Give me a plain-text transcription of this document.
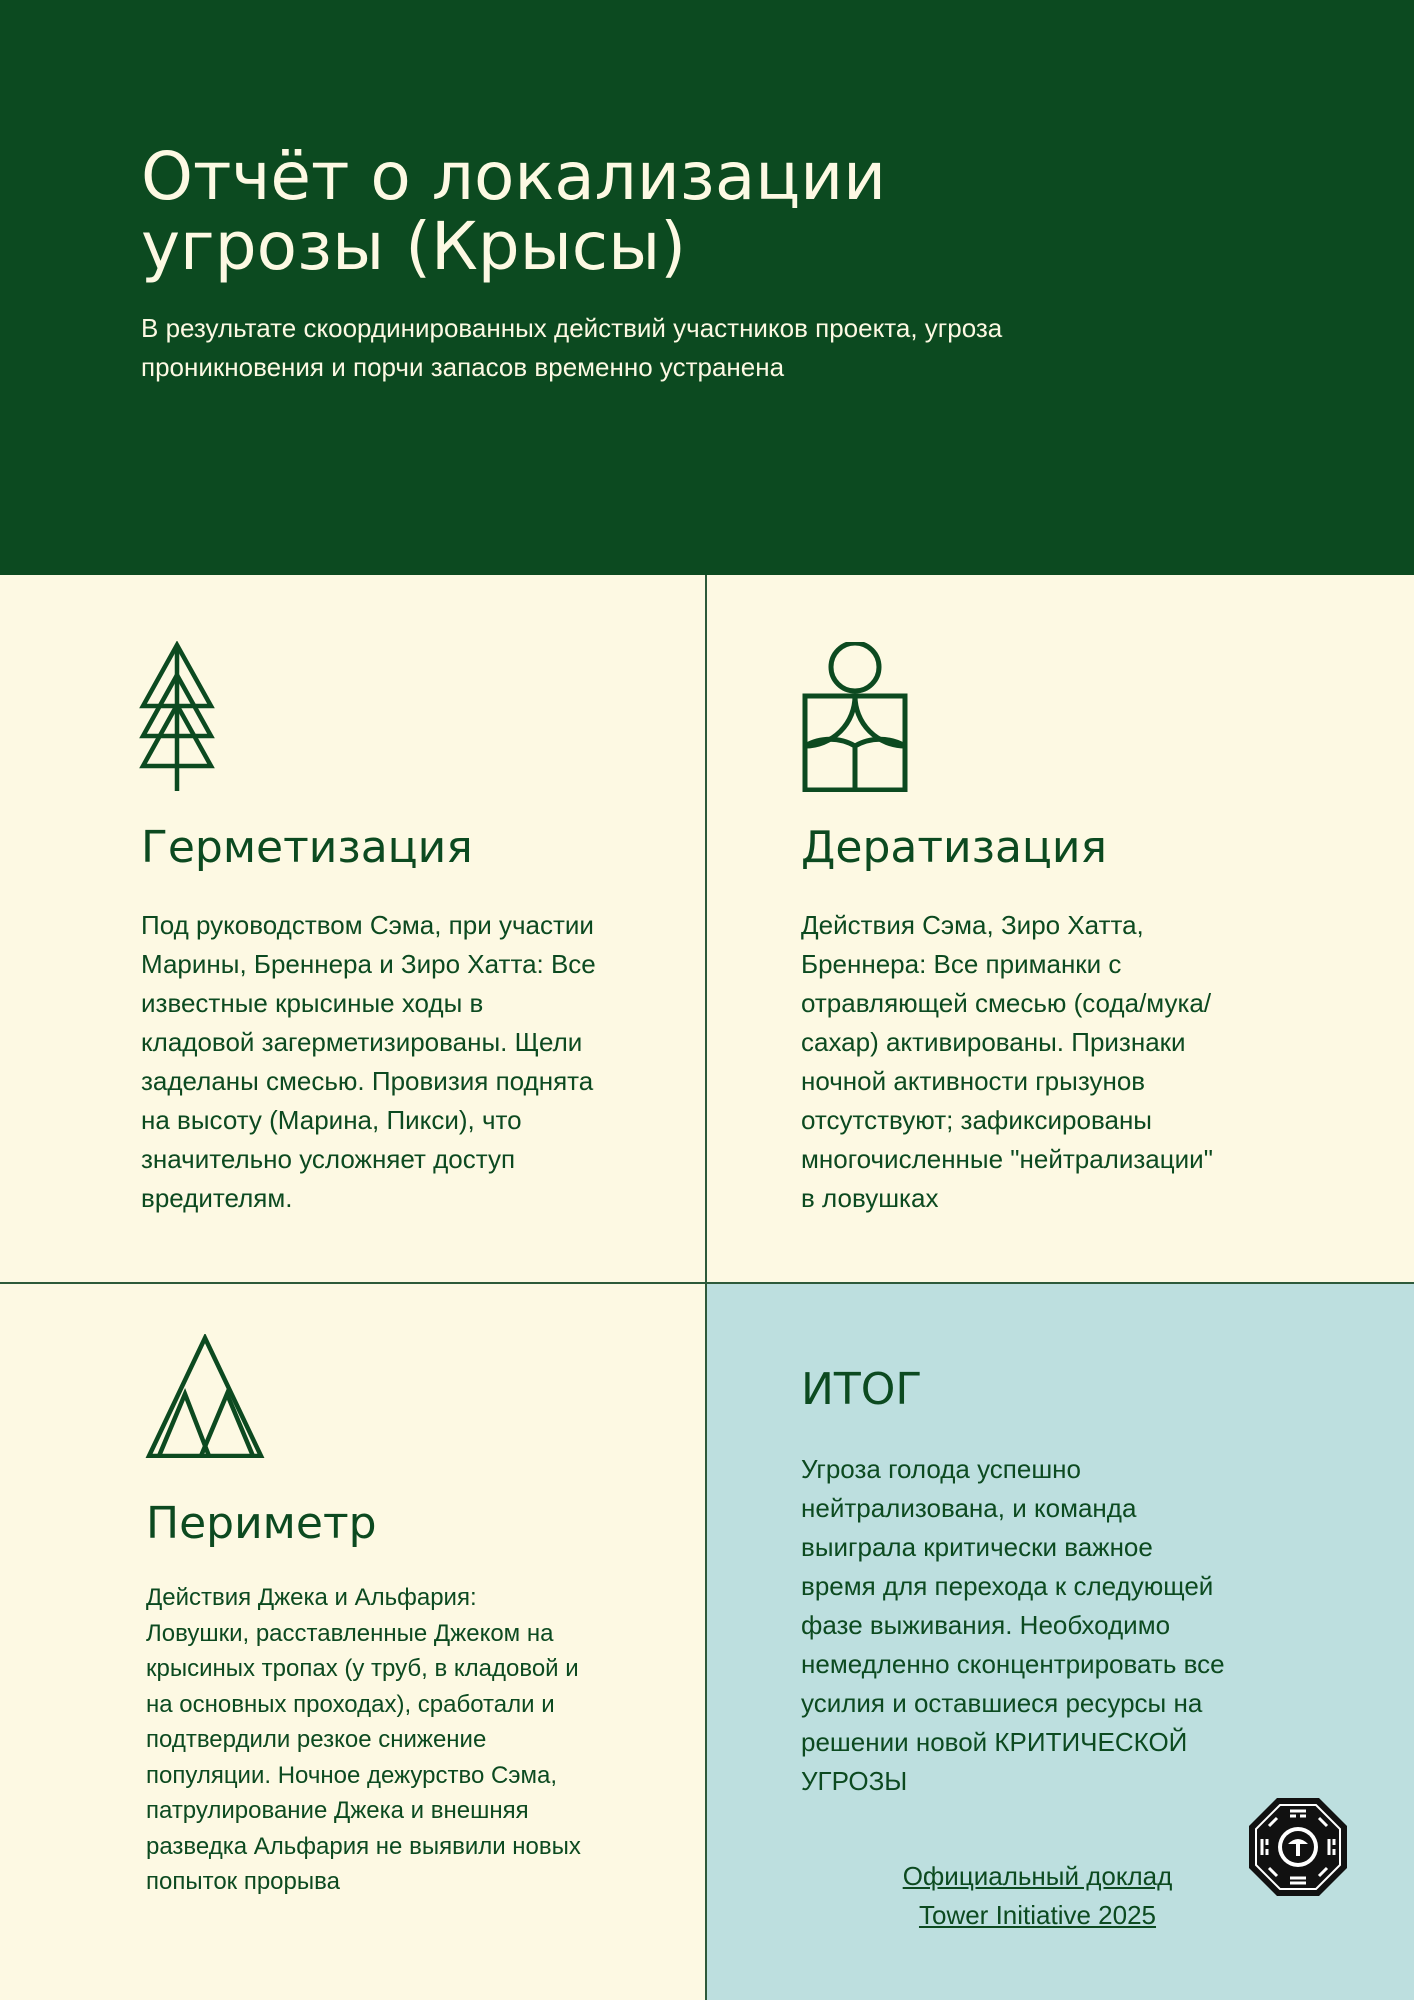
Отчёт о локализации
угрозы (Крысы)

В результате скоординированных действий участников проекта, угроза
проникновения и порчи запасов временно устранена

Герметизация

Под руководством Сэма, при участии
Марины, Бреннера и Зиро Хатта: Все
известные крысиные ходы в
кладовой загерметизированы. Щели
заделаны смесью. Провизия поднята
на высоту (Марина, Пикси), что
значительно усложняет доступ
вредителям.

Дератизация

Действия Сэма, Зиро Хатта,
Бреннера: Все приманки с
отравляющей смесью (сода/мука/
сахар) активированы. Признаки
ночной активности грызунов
отсутствуют; зафиксированы
многочисленные "нейтрализации"
в ловушках

Периметр

Действия Джека и Альфария:
Ловушки, расставленные Джеком на
крысиных тропах (у труб, в кладовой и
на основных проходах), сработали и
подтвердили резкое снижение
популяции. Ночное дежурство Сэма,
патрулирование Джека и внешняя
разведка Альфария не выявили новых
попыток прорыва

ИТОГ

Угроза голода успешно
нейтрализована, и команда
выиграла критически важное
время для перехода к следующей
фазе выживания. Необходимо
немедленно сконцентрировать все
усилия и оставшиеся ресурсы на
решении новой КРИТИЧЕСКОЙ
УГРОЗЫ

Официальный доклад
Tower Initiative 2025
